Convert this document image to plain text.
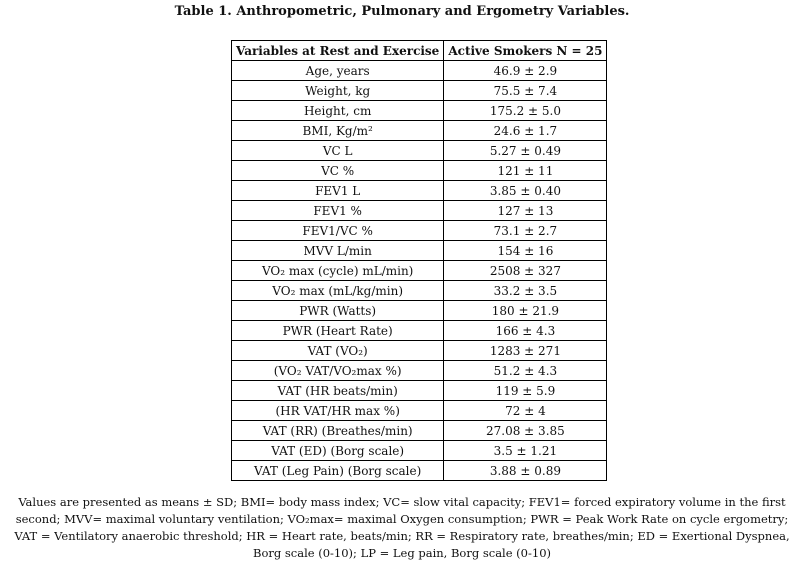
Table 1. Anthropometric, Pulmonary and Ergometry Variables.
Variables at Rest and Exercise	Active Smokers N = 25
Age, years	46.9 ± 2.9
Weight, kg	75.5 ± 7.4
Height, cm	175.2 ± 5.0
BMI, Kg/m²	24.6 ± 1.7
VC L	5.27 ± 0.49
VC %	121 ± 11
FEV1 L	3.85 ± 0.40
FEV1 %	127 ± 13
FEV1/VC %	73.1 ± 2.7
MVV L/min	154 ± 16
VO₂ max (cycle) mL/min)	2508 ± 327
VO₂ max (mL/kg/min)	33.2 ± 3.5
PWR (Watts)	180 ± 21.9
PWR (Heart Rate)	166 ± 4.3
VAT (VO₂)	1283 ± 271
(VO₂ VAT/VO₂max %)	51.2 ± 4.3
VAT (HR beats/min)	119 ± 5.9
(HR VAT/HR max %)	72 ± 4
VAT (RR) (Breathes/min)	27.08 ± 3.85
VAT (ED) (Borg scale)	3.5 ± 1.21
VAT (Leg Pain) (Borg scale)	3.88 ± 0.89
Values are presented as means ± SD; BMI= body mass index; VC= slow vital capacity; FEV1= forced expiratory volume in the first second; MVV= maximal voluntary ventilation; VO₂max= maximal Oxygen consumption; PWR = Peak Work Rate on cycle ergometry; VAT = Ventilatory anaerobic threshold; HR = Heart rate, beats/min; RR = Respiratory rate, breathes/min; ED = Exertional Dyspnea, Borg scale (0-10); LP = Leg pain, Borg scale (0-10)
